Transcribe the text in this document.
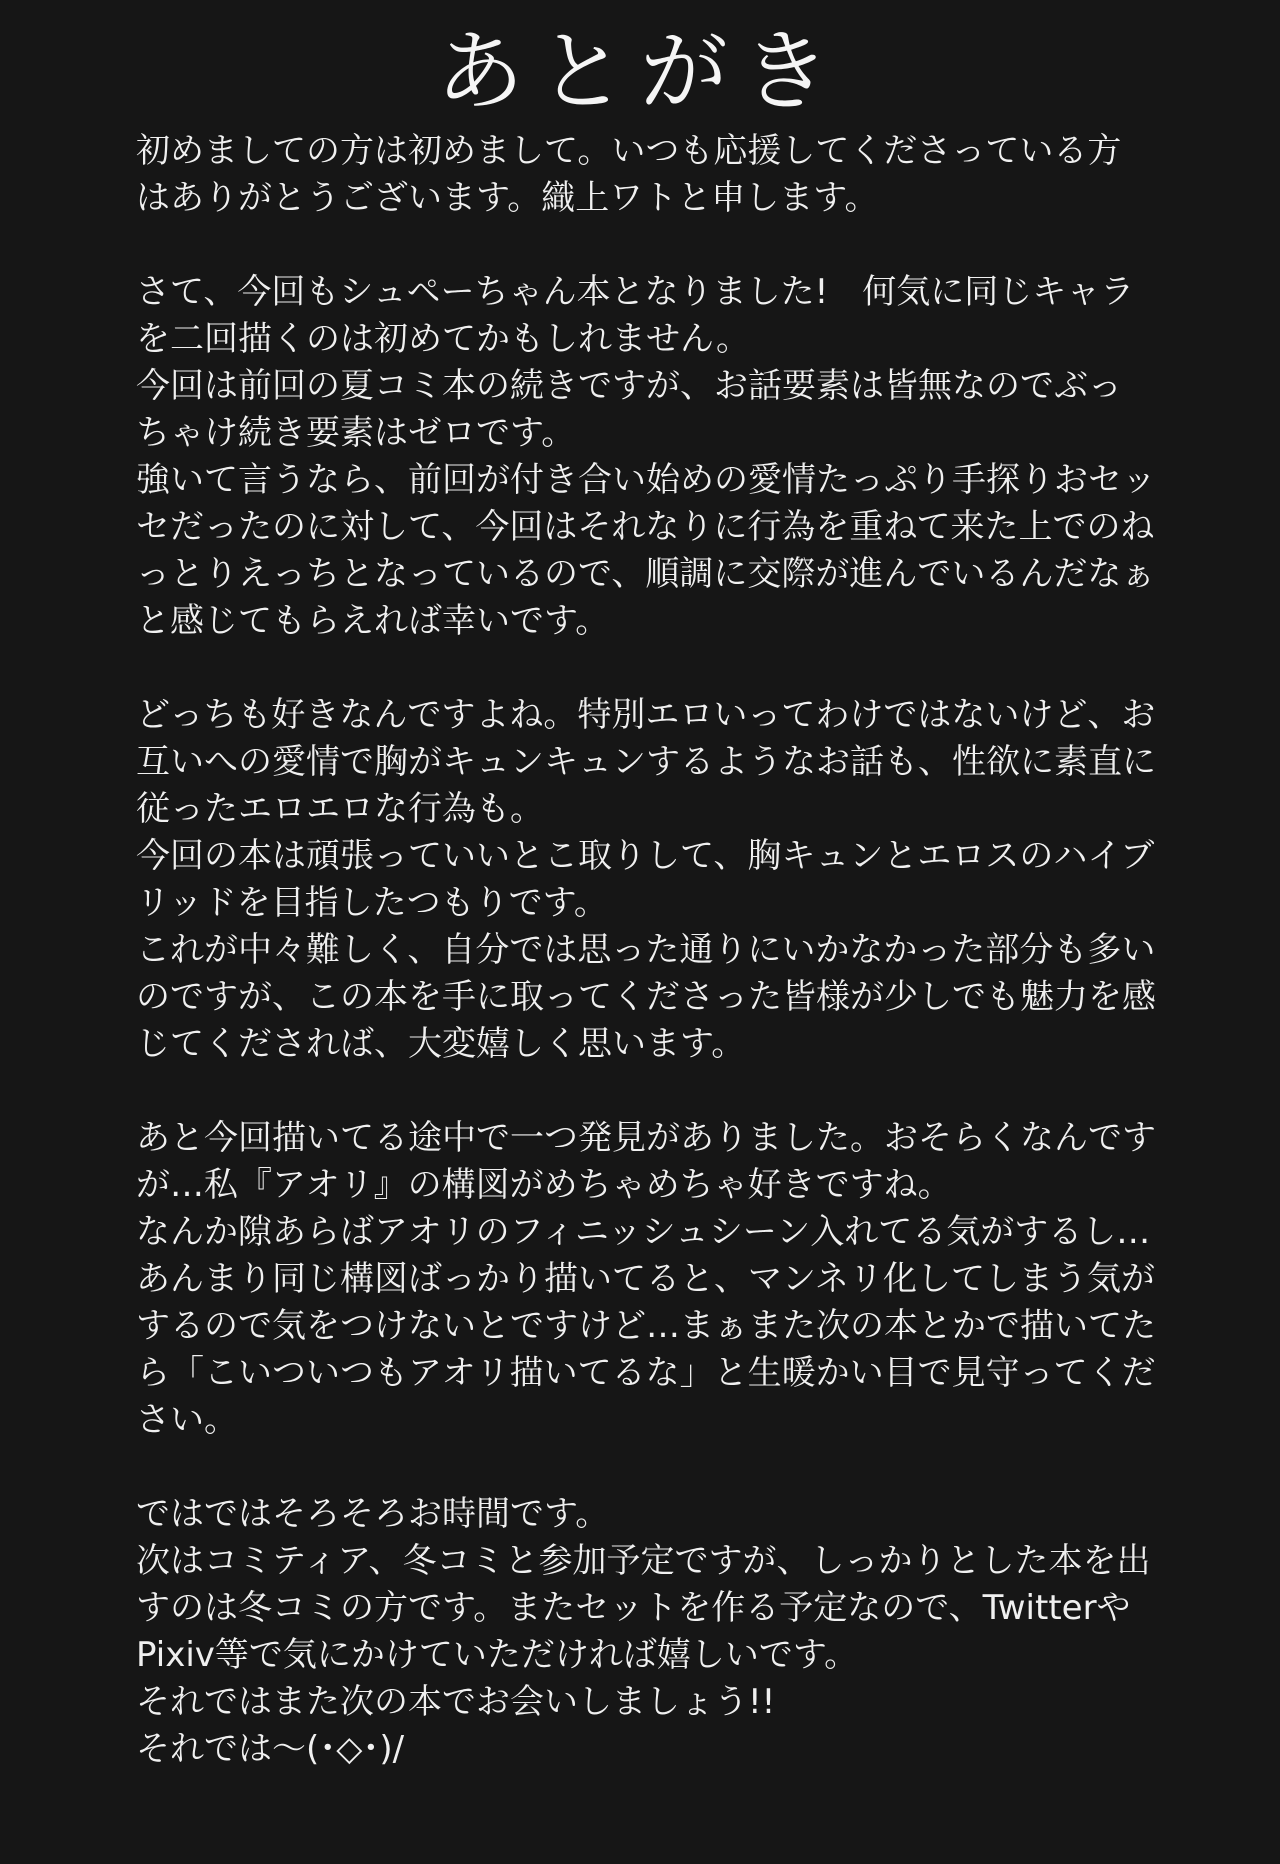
あとがき
初めましての方は初めまして。いつも応援してくださっている方
はありがとうございます。織上ワトと申します。
さて、今回もシュペーちゃん本となりました!　何気に同じキャラ
を二回描くのは初めてかもしれません。
今回は前回の夏コミ本の続きですが、お話要素は皆無なのでぶっ
ちゃけ続き要素はゼロです。
強いて言うなら、前回が付き合い始めの愛情たっぷり手探りおセッ
セだったのに対して、今回はそれなりに行為を重ねて来た上でのね
っとりえっちとなっているので、順調に交際が進んでいるんだなぁ
と感じてもらえれば幸いです。
どっちも好きなんですよね。特別エロいってわけではないけど、お
互いへの愛情で胸がキュンキュンするようなお話も、性欲に素直に
従ったエロエロな行為も。
今回の本は頑張っていいとこ取りして、胸キュンとエロスのハイブ
リッドを目指したつもりです。
これが中々難しく、自分では思った通りにいかなかった部分も多い
のですが、この本を手に取ってくださった皆様が少しでも魅力を感
じてくだされば、大変嬉しく思います。
あと今回描いてる途中で一つ発見がありました。おそらくなんです
が…私『アオリ』の構図がめちゃめちゃ好きですね。
なんか隙あらばアオリのフィニッシュシーン入れてる気がするし…
あんまり同じ構図ばっかり描いてると、マンネリ化してしまう気が
するので気をつけないとですけど…まぁまた次の本とかで描いてた
ら「こいついつもアオリ描いてるな」と生暖かい目で見守ってくだ
さい。
ではではそろそろお時間です。
次はコミティア、冬コミと参加予定ですが、しっかりとした本を出
すのは冬コミの方です。またセットを作る予定なので、Twitterや
Pixiv等で気にかけていただければ嬉しいです。
それではまた次の本でお会いしましょう!!
それでは～(･◇･)/
